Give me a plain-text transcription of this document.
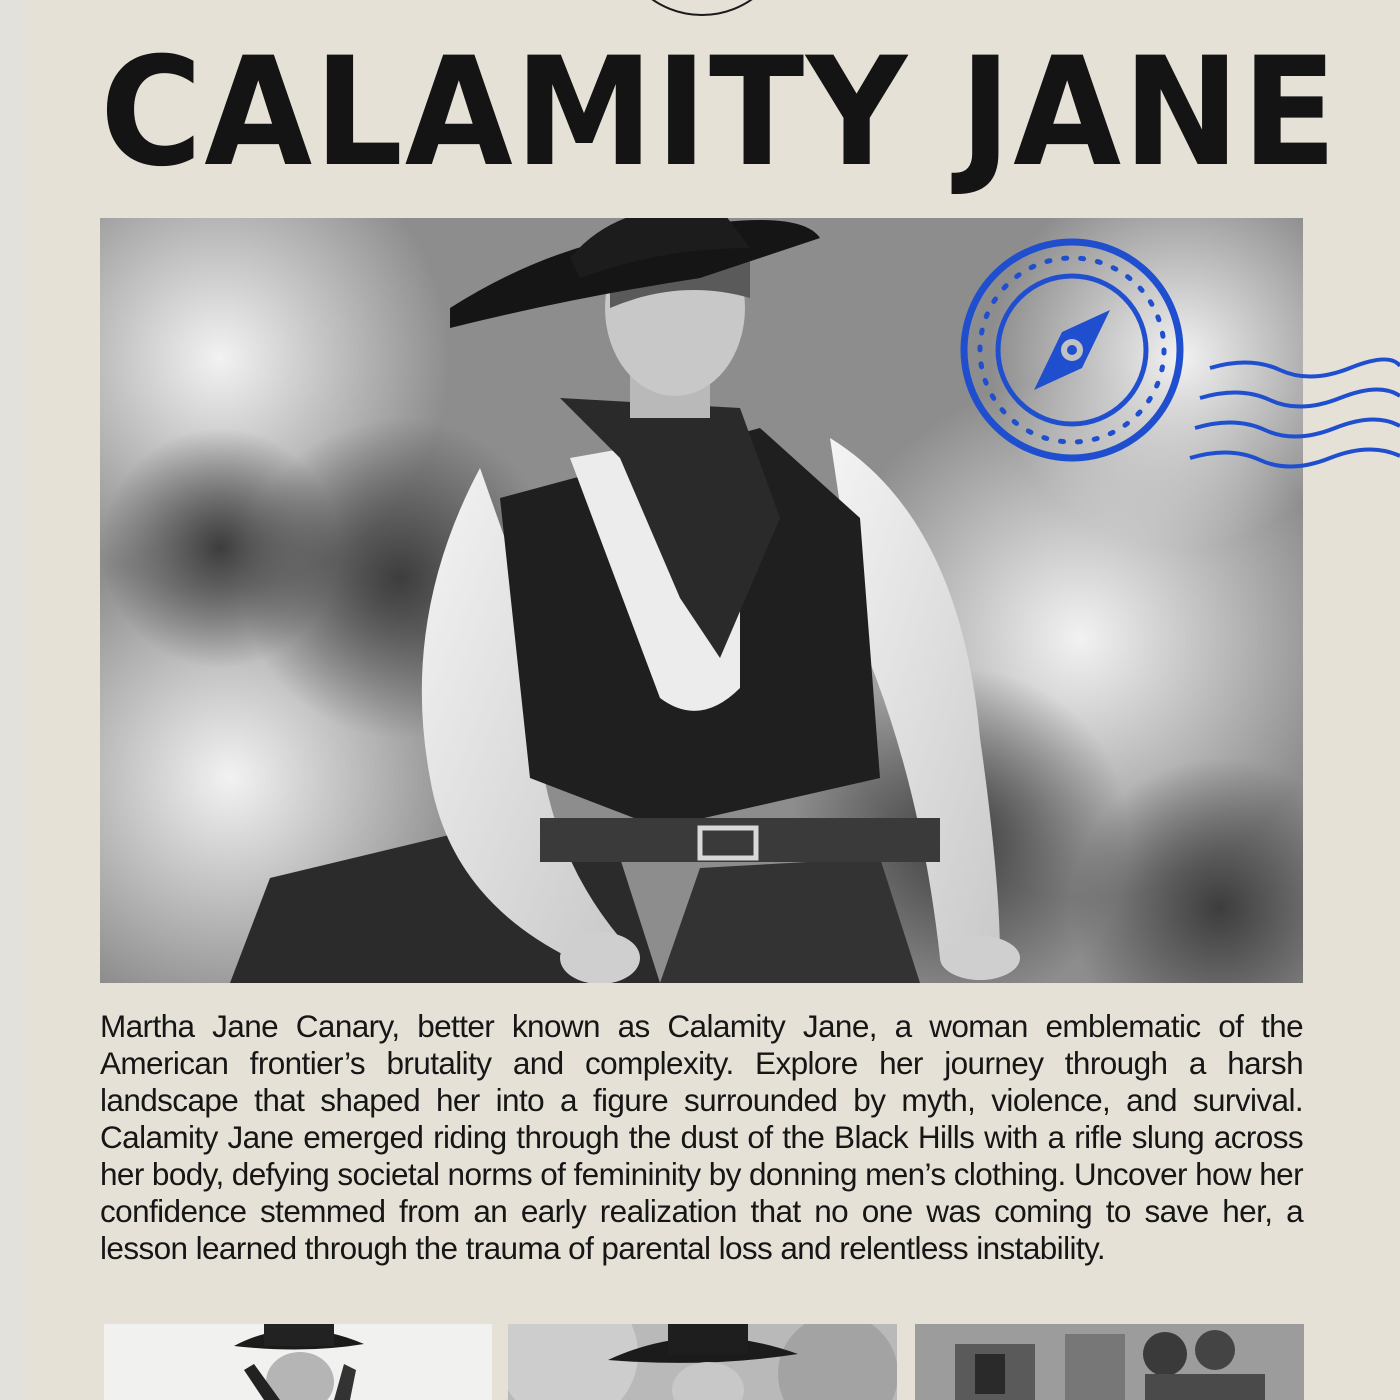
CALAMITY JANE

Martha Jane Canary, better known as Calamity Jane, a woman emblematic of the American frontier’s brutality and complexity. Explore her journey through a harsh landscape that shaped her into a figure surrounded by myth, violence, and survival. Calamity Jane emerged riding through the dust of the Black Hills with a rifle slung across her body, defying societal norms of femininity by donning men’s clothing. Uncover how her confidence stemmed from an early realization that no one was coming to save her, a lesson learned through the trauma of parental loss and relentless instability.
